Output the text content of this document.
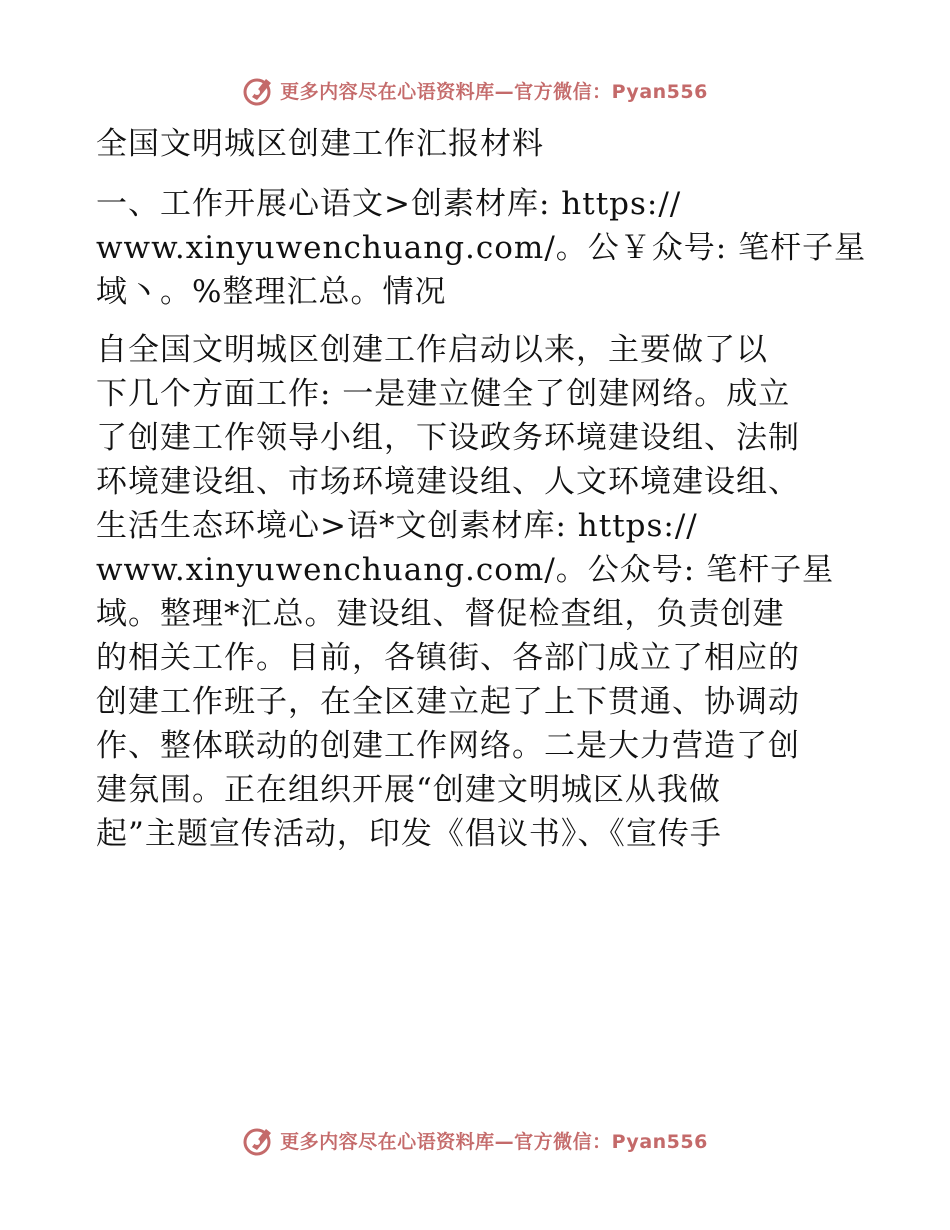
更多内容尽在心语资料库—官方微信：Pyan556
全国文明城区创建工作汇报材料
一、工作开展心语文>创素材库: https://
www.xinyuwenchuang.com/。公￥众号: 笔杆子星
域丶。%整理汇总。情况
自全国文明城区创建工作启动以来，主要做了以
下几个方面工作: 一是建立健全了创建网络。成立
了创建工作领导小组，下设政务环境建设组、法制
环境建设组、市场环境建设组、人文环境建设组、
生活生态环境心>语*文创素材库: https://
www.xinyuwenchuang.com/。公众号: 笔杆子星
域。整理*汇总。建设组、督促检查组，负责创建
的相关工作。目前，各镇街、各部门成立了相应的
创建工作班子，在全区建立起了上下贯通、协调动
作、整体联动的创建工作网络。二是大力营造了创
建氛围。正在组织开展“创建文明城区从我做
起”主题宣传活动，印发《倡议书》、《宣传手
更多内容尽在心语资料库—官方微信：Pyan556
